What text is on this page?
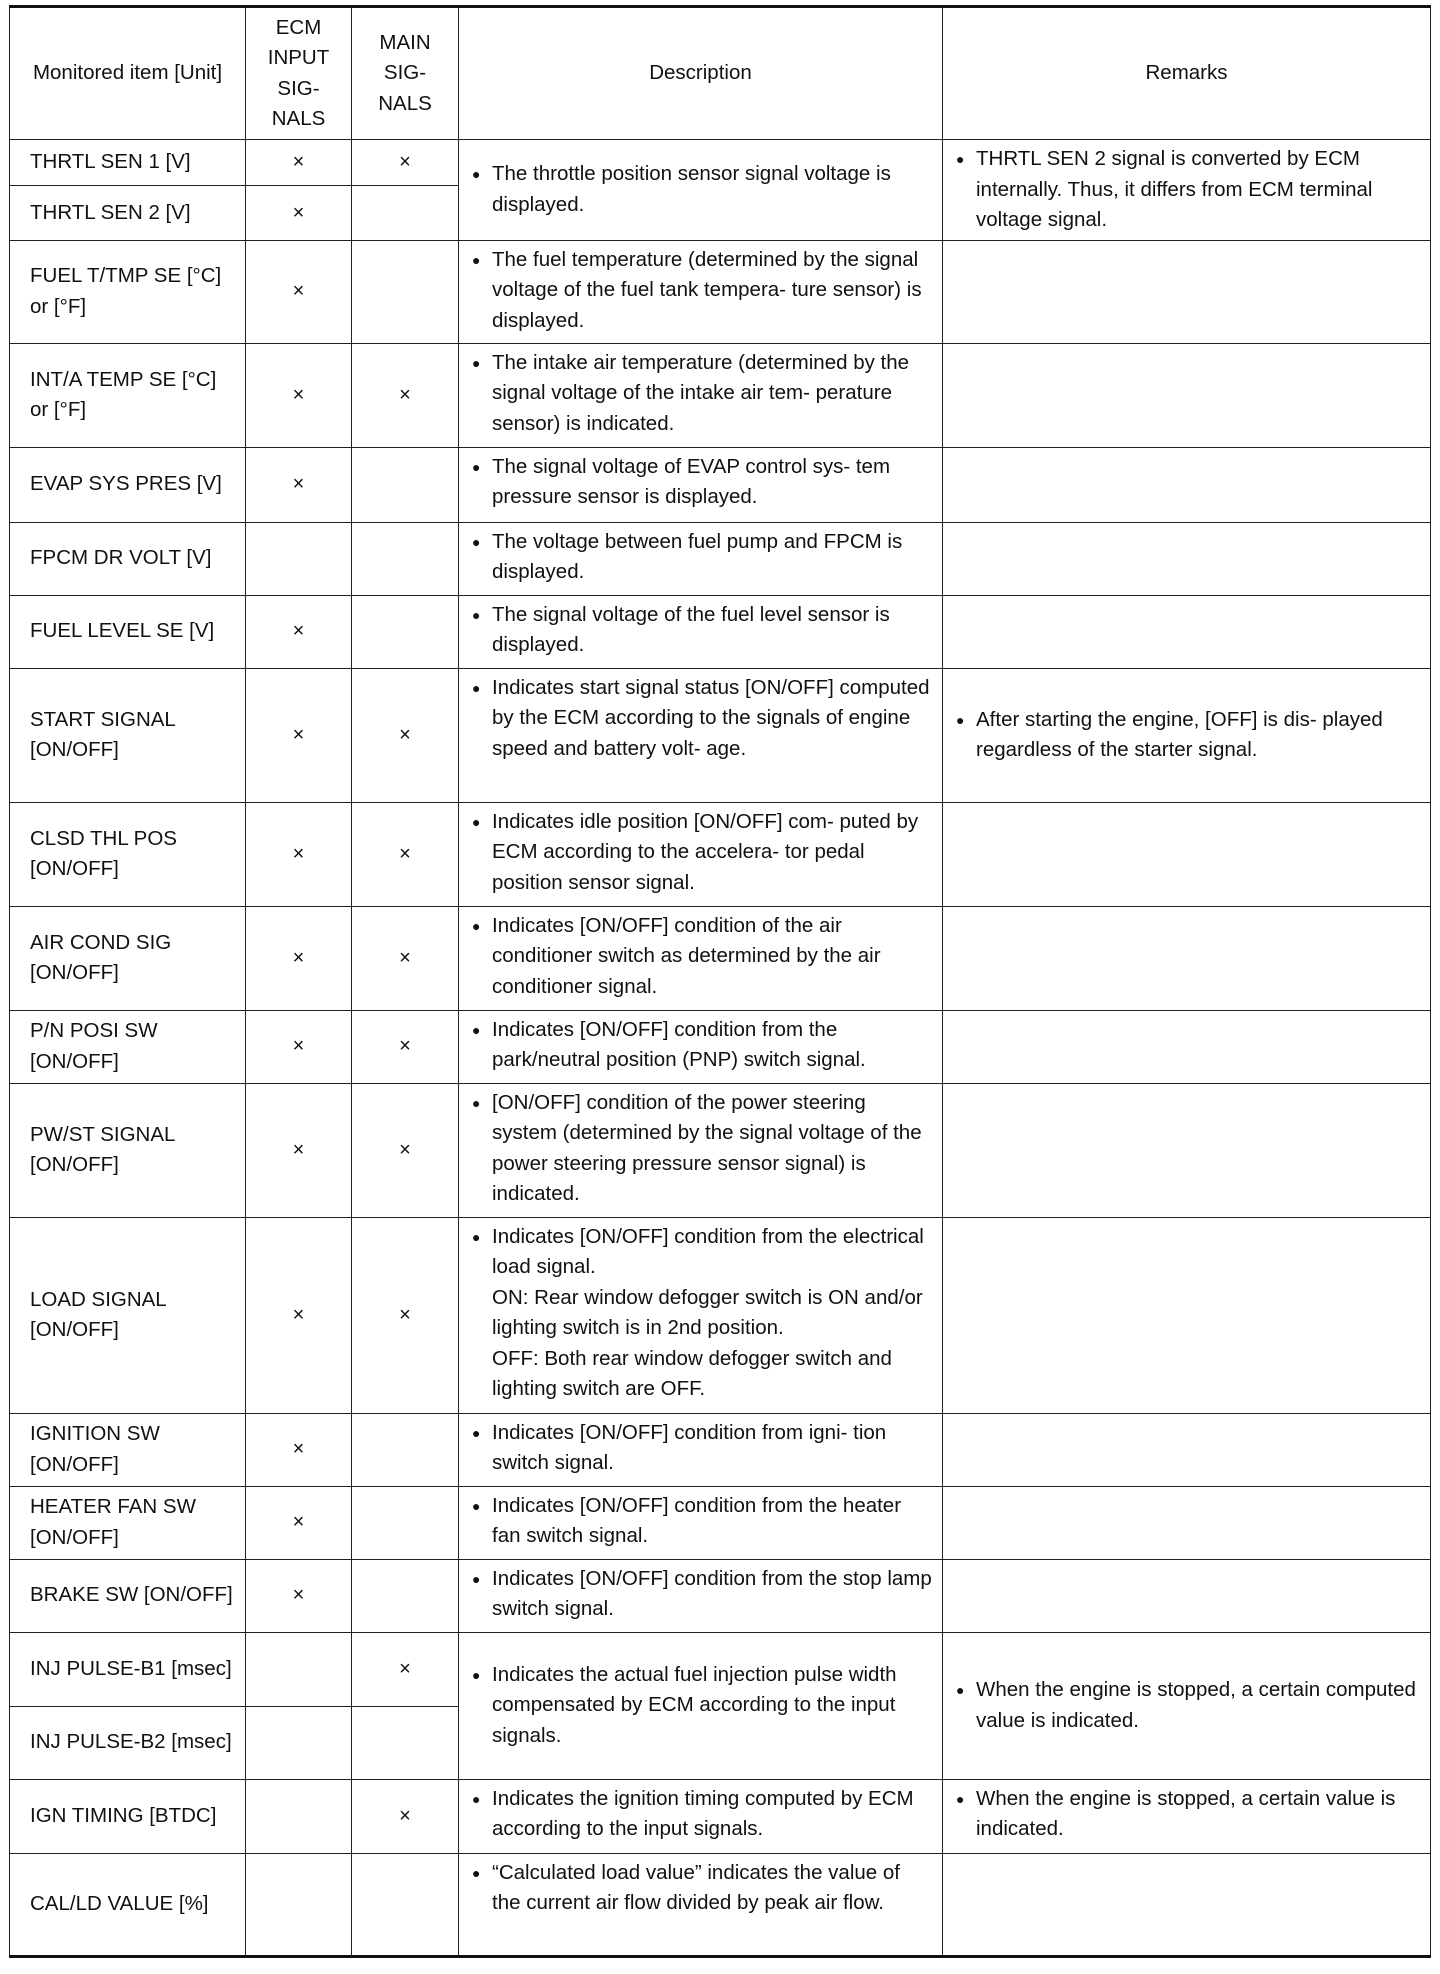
Monitored item [Unit]	ECM INPUT SIG- NALS	MAIN SIG- NALS	Description	Remarks
THRTL SEN 1 [V]	×	×	● The throttle position sensor signal voltage is displayed.	● THRTL SEN 2 signal is converted by ECM internally. Thus, it differs from ECM terminal voltage signal.

THRTL SEN 2 [V]	×			
FUEL T/TMP SE [°C] or [°F]	×		● The fuel temperature (determined by the signal voltage of the fuel tank tempera- ture sensor) is displayed.	

INT/A TEMP SE [°C] or [°F]	×	×	● The intake air temperature (determined by the signal voltage of the intake air tem- perature sensor) is indicated.	

EVAP SYS PRES [V]	×		● The signal voltage of EVAP control sys- tem pressure sensor is displayed.	

FPCM DR VOLT [V]			● The voltage between fuel pump and FPCM is displayed.	

FUEL LEVEL SE [V]	×		● The signal voltage of the fuel level sensor is displayed.	

START SIGNAL [ON/OFF]	×	×	● Indicates start signal status [ON/OFF] computed by the ECM according to the signals of engine speed and battery volt- age.	● After starting the engine, [OFF] is dis- played regardless of the starter signal.

CLSD THL POS [ON/OFF]	×	×	● Indicates idle position [ON/OFF] com- puted by ECM according to the accelera- tor pedal position sensor signal.	

AIR COND SIG [ON/OFF]	×	×	● Indicates [ON/OFF] condition of the air conditioner switch as determined by the air conditioner signal.	

P/N POSI SW [ON/OFF]	×	×	● Indicates [ON/OFF] condition from the park/neutral position (PNP) switch signal.	

PW/ST SIGNAL [ON/OFF]	×	×	● [ON/OFF] condition of the power steering system (determined by the signal voltage of the power steering pressure sensor signal) is indicated.	

LOAD SIGNAL [ON/OFF]	×	×	● Indicates [ON/OFF] condition from the electrical load signal.
ON: Rear window defogger switch is ON and/or lighting switch is in 2nd position.
OFF: Both rear window defogger switch and lighting switch are OFF.	

IGNITION SW [ON/OFF]	×		● Indicates [ON/OFF] condition from igni- tion switch signal.	

HEATER FAN SW [ON/OFF]	×		● Indicates [ON/OFF] condition from the heater fan switch signal.	

BRAKE SW [ON/OFF]	×		● Indicates [ON/OFF] condition from the stop lamp switch signal.	

INJ PULSE-B1 [msec]		×	● Indicates the actual fuel injection pulse width compensated by ECM according to the input signals.	● When the engine is stopped, a certain computed value is indicated.

INJ PULSE-B2 [msec]				
IGN TIMING [BTDC]		×	● Indicates the ignition timing computed by ECM according to the input signals.	● When the engine is stopped, a certain value is indicated.

CAL/LD VALUE [%]			● “Calculated load value” indicates the value of the current air flow divided by peak air flow.	
